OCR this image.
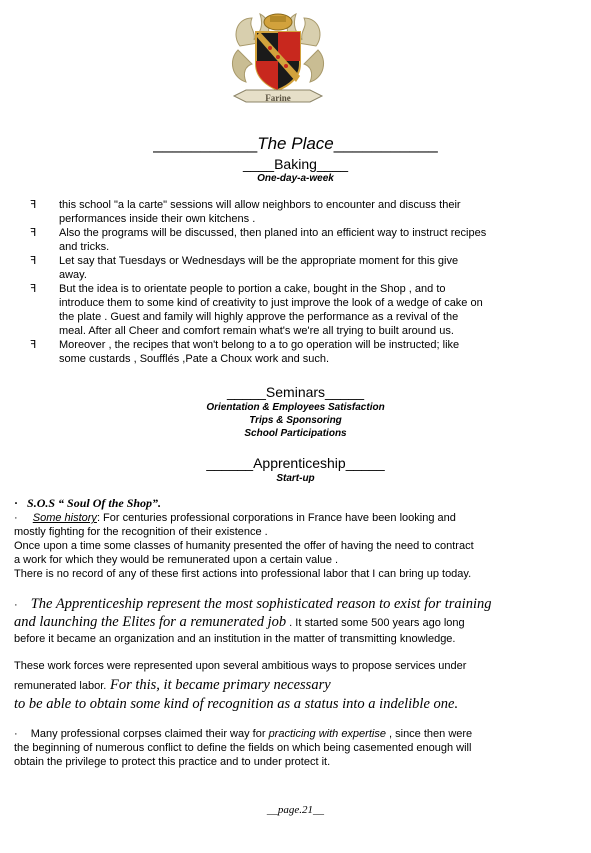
Farine
___________The Place___________
____Baking____
One-day-a-week
ꟻ this school "a la carte" sessions will allow neighbors to encounter and discuss their
performances inside their own kitchens .
ꟻ Also the programs will be discussed, then planed into an efficient way to instruct recipes
and tricks.
ꟻ Let say that Tuesdays or Wednesdays will be the appropriate moment for this give
away.
ꟻ But the idea is to orientate people to portion a cake, bought in the Shop , and to
introduce them to some kind of creativity to just improve the look of a wedge of cake on
the plate . Guest and family will highly approve the performance as a revival of the
meal. After all Cheer and comfort remain what's we're all trying to built around us.
ꟻ Moreover , the recipes that won't belong to a to go operation will be instructed; like
some custards , Soufflés ,Pate a Choux work and such.
_____Seminars_____
Orientation & Employees Satisfaction
Trips & Sponsoring
School Participations
______Apprenticeship_____
Start-up
· S.O.S “ Soul Of the Shop”.
· Some history: For centuries professional corporations in France have been looking and
mostly fighting for the recognition of their existence .
Once upon a time some classes of humanity presented the offer of having the need to contract
a work for which they would be remunerated upon a certain value .
There is no record of any of these first actions into professional labor that I can bring up today.
· The Apprenticeship represent the most sophisticated reason to exist for training
and launching the Elites for a remunerated job . It started some 500 years ago long
before it became an organization and an institution in the matter of transmitting knowledge.
These work forces were represented upon several ambitious ways to propose services under
remunerated labor. For this, it became primary necessary
to be able to obtain some kind of recognition as a status into a indelible one.
· Many professional corpses claimed their way for practicing with expertise , since then were
the beginning of numerous conflict to define the fields on which being casemented enough will
obtain the privilege to protect this practice and to under protect it.
__page.21__
